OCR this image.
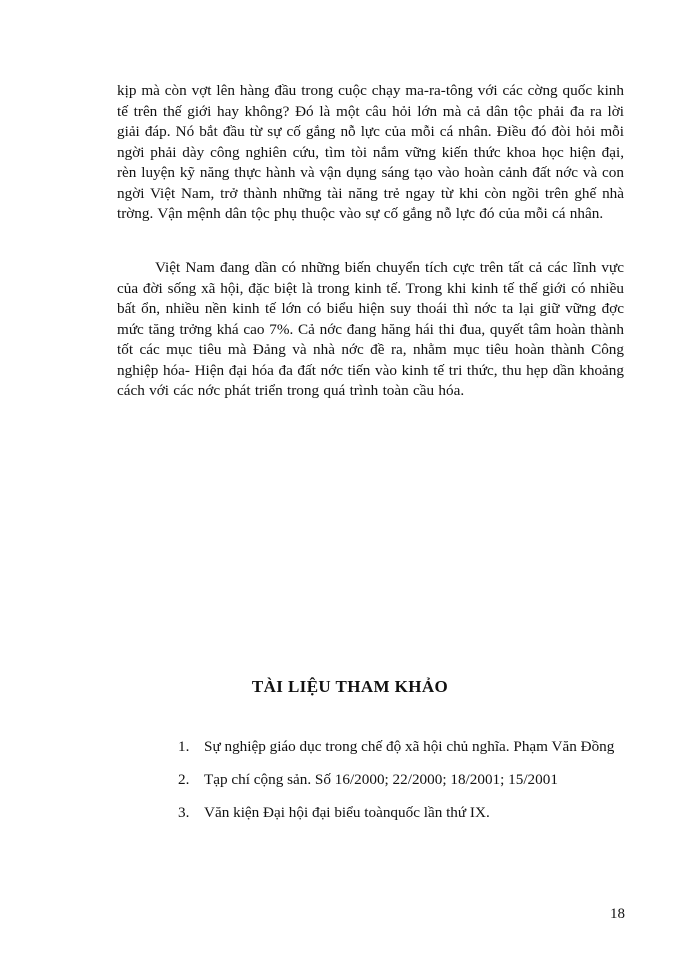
kịp mà còn vợt lên hàng đầu trong cuộc chạy ma-ra-tông với các cờng quốc kinh tế trên thế giới hay không? Đó là một câu hỏi lớn mà cả dân tộc phải đa ra lời giải đáp. Nó bắt đầu từ sự cố gắng nỗ lực của mỗi cá nhân. Điều đó đòi hỏi mỗi ngời phải dày công nghiên cứu, tìm tòi nắm vững kiến thức khoa học hiện đại, rèn luyện kỹ năng thực hành và vận dụng sáng tạo vào hoàn cảnh đất nớc và con ngời Việt Nam, trở thành những tài năng trẻ ngay từ khi còn ngồi trên ghế nhà trờng. Vận mệnh dân tộc phụ thuộc vào sự cố gắng nỗ lực đó của mỗi cá nhân.

Việt Nam đang dần có những biến chuyển tích cực trên tất cả các lĩnh vực của đời sống xã hội, đặc biệt là trong kinh tế. Trong khi kinh tế thế giới có nhiều bất ổn, nhiều nền kinh tế lớn có biểu hiện suy thoái thì nớc ta lại giữ vững đợc mức tăng trởng khá cao 7%. Cả nớc đang hăng hái thi đua, quyết tâm hoàn thành tốt các mục tiêu mà Đảng và nhà nớc đề ra, nhằm mục tiêu hoàn thành Công nghiệp hóa- Hiện đại hóa đa đất nớc tiến vào kinh tế tri thức, thu hẹp dần khoảng cách với các nớc phát triển trong quá trình toàn cầu hóa.

TÀI LIỆU THAM KHẢO
1. Sự nghiệp giáo dục trong chế độ xã hội chủ nghĩa. Phạm Văn Đồng
2. Tạp chí cộng sản. Số 16/2000; 22/2000; 18/2001; 15/2001
3. Văn kiện Đại hội đại biểu toànquốc lần thứ IX.
18
